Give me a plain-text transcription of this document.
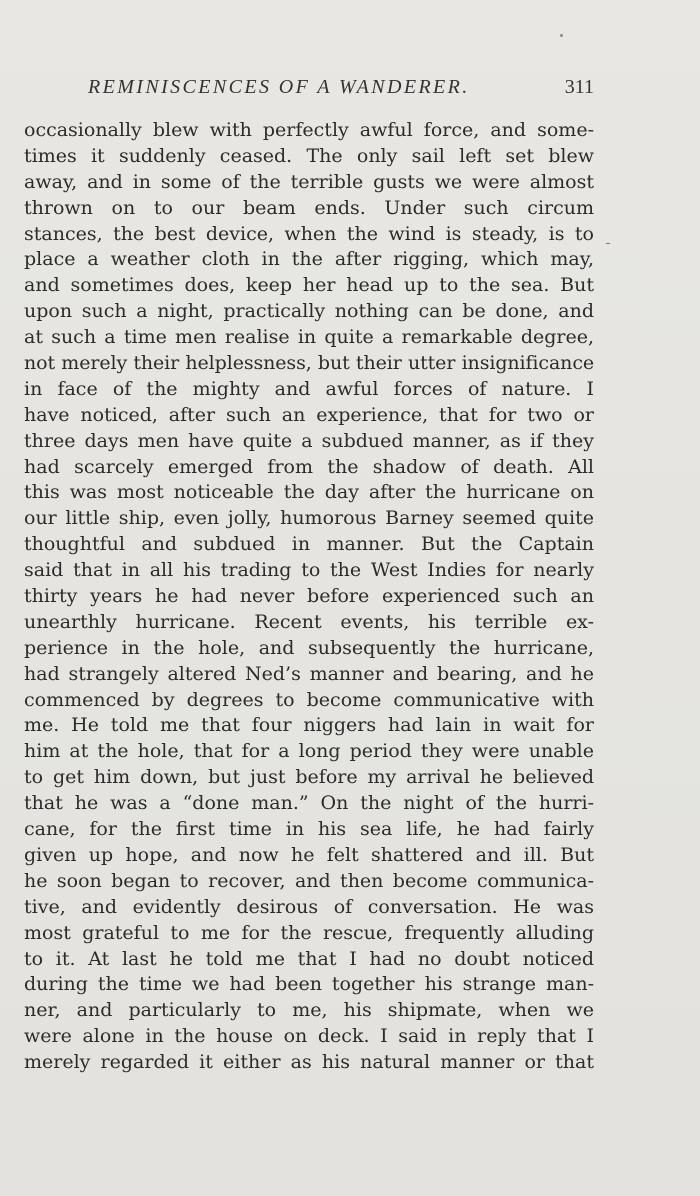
REMINISCENCES OF A WANDERER.	311
occasionally blew with perfectly awful force, and some-
times it suddenly ceased. The only sail left set blew
away, and in some of the terrible gusts we were almost
thrown on to our beam ends. Under such circum
stances, the best device, when the wind is steady, is to
place a weather cloth in the after rigging, which may,
and sometimes does, keep her head up to the sea. But
upon such a night, practically nothing can be done, and
at such a time men realise in quite a remarkable degree,
not merely their helplessness, but their utter insignificance
in face of the mighty and awful forces of nature. I
have noticed, after such an experience, that for two or
three days men have quite a subdued manner, as if they
had scarcely emerged from the shadow of death. All
this was most noticeable the day after the hurricane on
our little ship, even jolly, humorous Barney seemed quite
thoughtful and subdued in manner. But the Captain
said that in all his trading to the West Indies for nearly
thirty years he had never before experienced such an
unearthly hurricane. Recent events, his terrible ex-
perience in the hole, and subsequently the hurricane,
had strangely altered Ned’s manner and bearing, and he
commenced by degrees to become communicative with
me. He told me that four niggers had lain in wait for
him at the hole, that for a long period they were unable
to get him down, but just before my arrival he believed
that he was a “done man.” On the night of the hurri-
cane, for the first time in his sea life, he had fairly
given up hope, and now he felt shattered and ill. But
he soon began to recover, and then become communica-
tive, and evidently desirous of conversation. He was
most grateful to me for the rescue, frequently alluding
to it. At last he told me that I had no doubt noticed
during the time we had been together his strange man-
ner, and particularly to me, his shipmate, when we
were alone in the house on deck. I said in reply that I
merely regarded it either as his natural manner or that
